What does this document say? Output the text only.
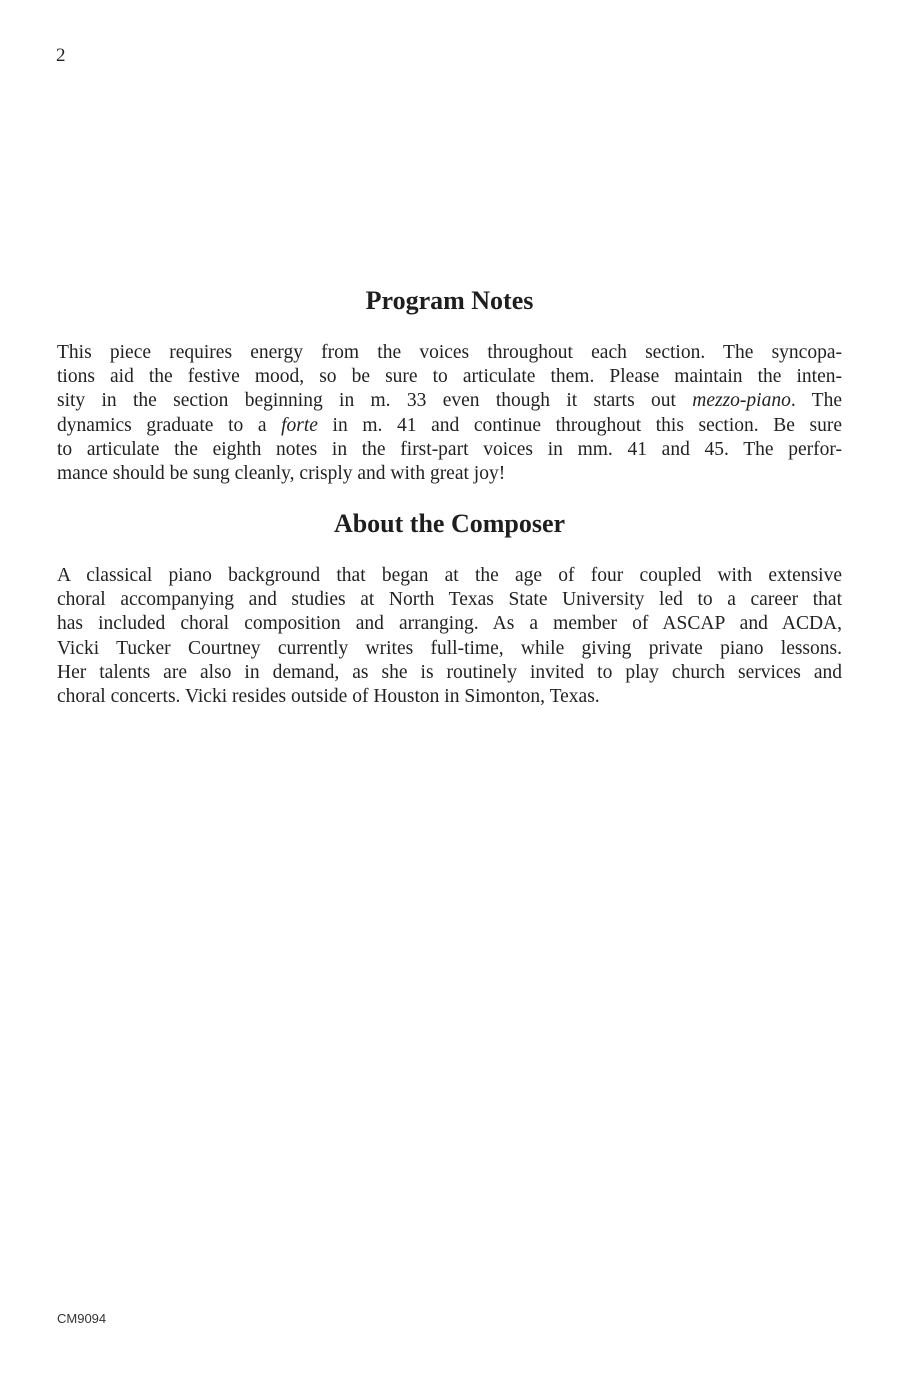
2
Program Notes

This piece requires energy from the voices throughout each section. The syncopa-
tions aid the festive mood, so be sure to articulate them. Please maintain the inten-
sity in the section beginning in m. 33 even though it starts out mezzo-piano. The
dynamics graduate to a forte in m. 41 and continue throughout this section. Be sure
to articulate the eighth notes in the first-part voices in mm. 41 and 45. The perfor-
mance should be sung cleanly, crisply and with great joy!

About the Composer

A classical piano background that began at the age of four coupled with extensive
choral accompanying and studies at North Texas State University led to a career that
has included choral composition and arranging. As a member of ASCAP and ACDA,
Vicki Tucker Courtney currently writes full-time, while giving private piano lessons.
Her talents are also in demand, as she is routinely invited to play church services and
choral concerts. Vicki resides outside of Houston in Simonton, Texas.

CM9094
